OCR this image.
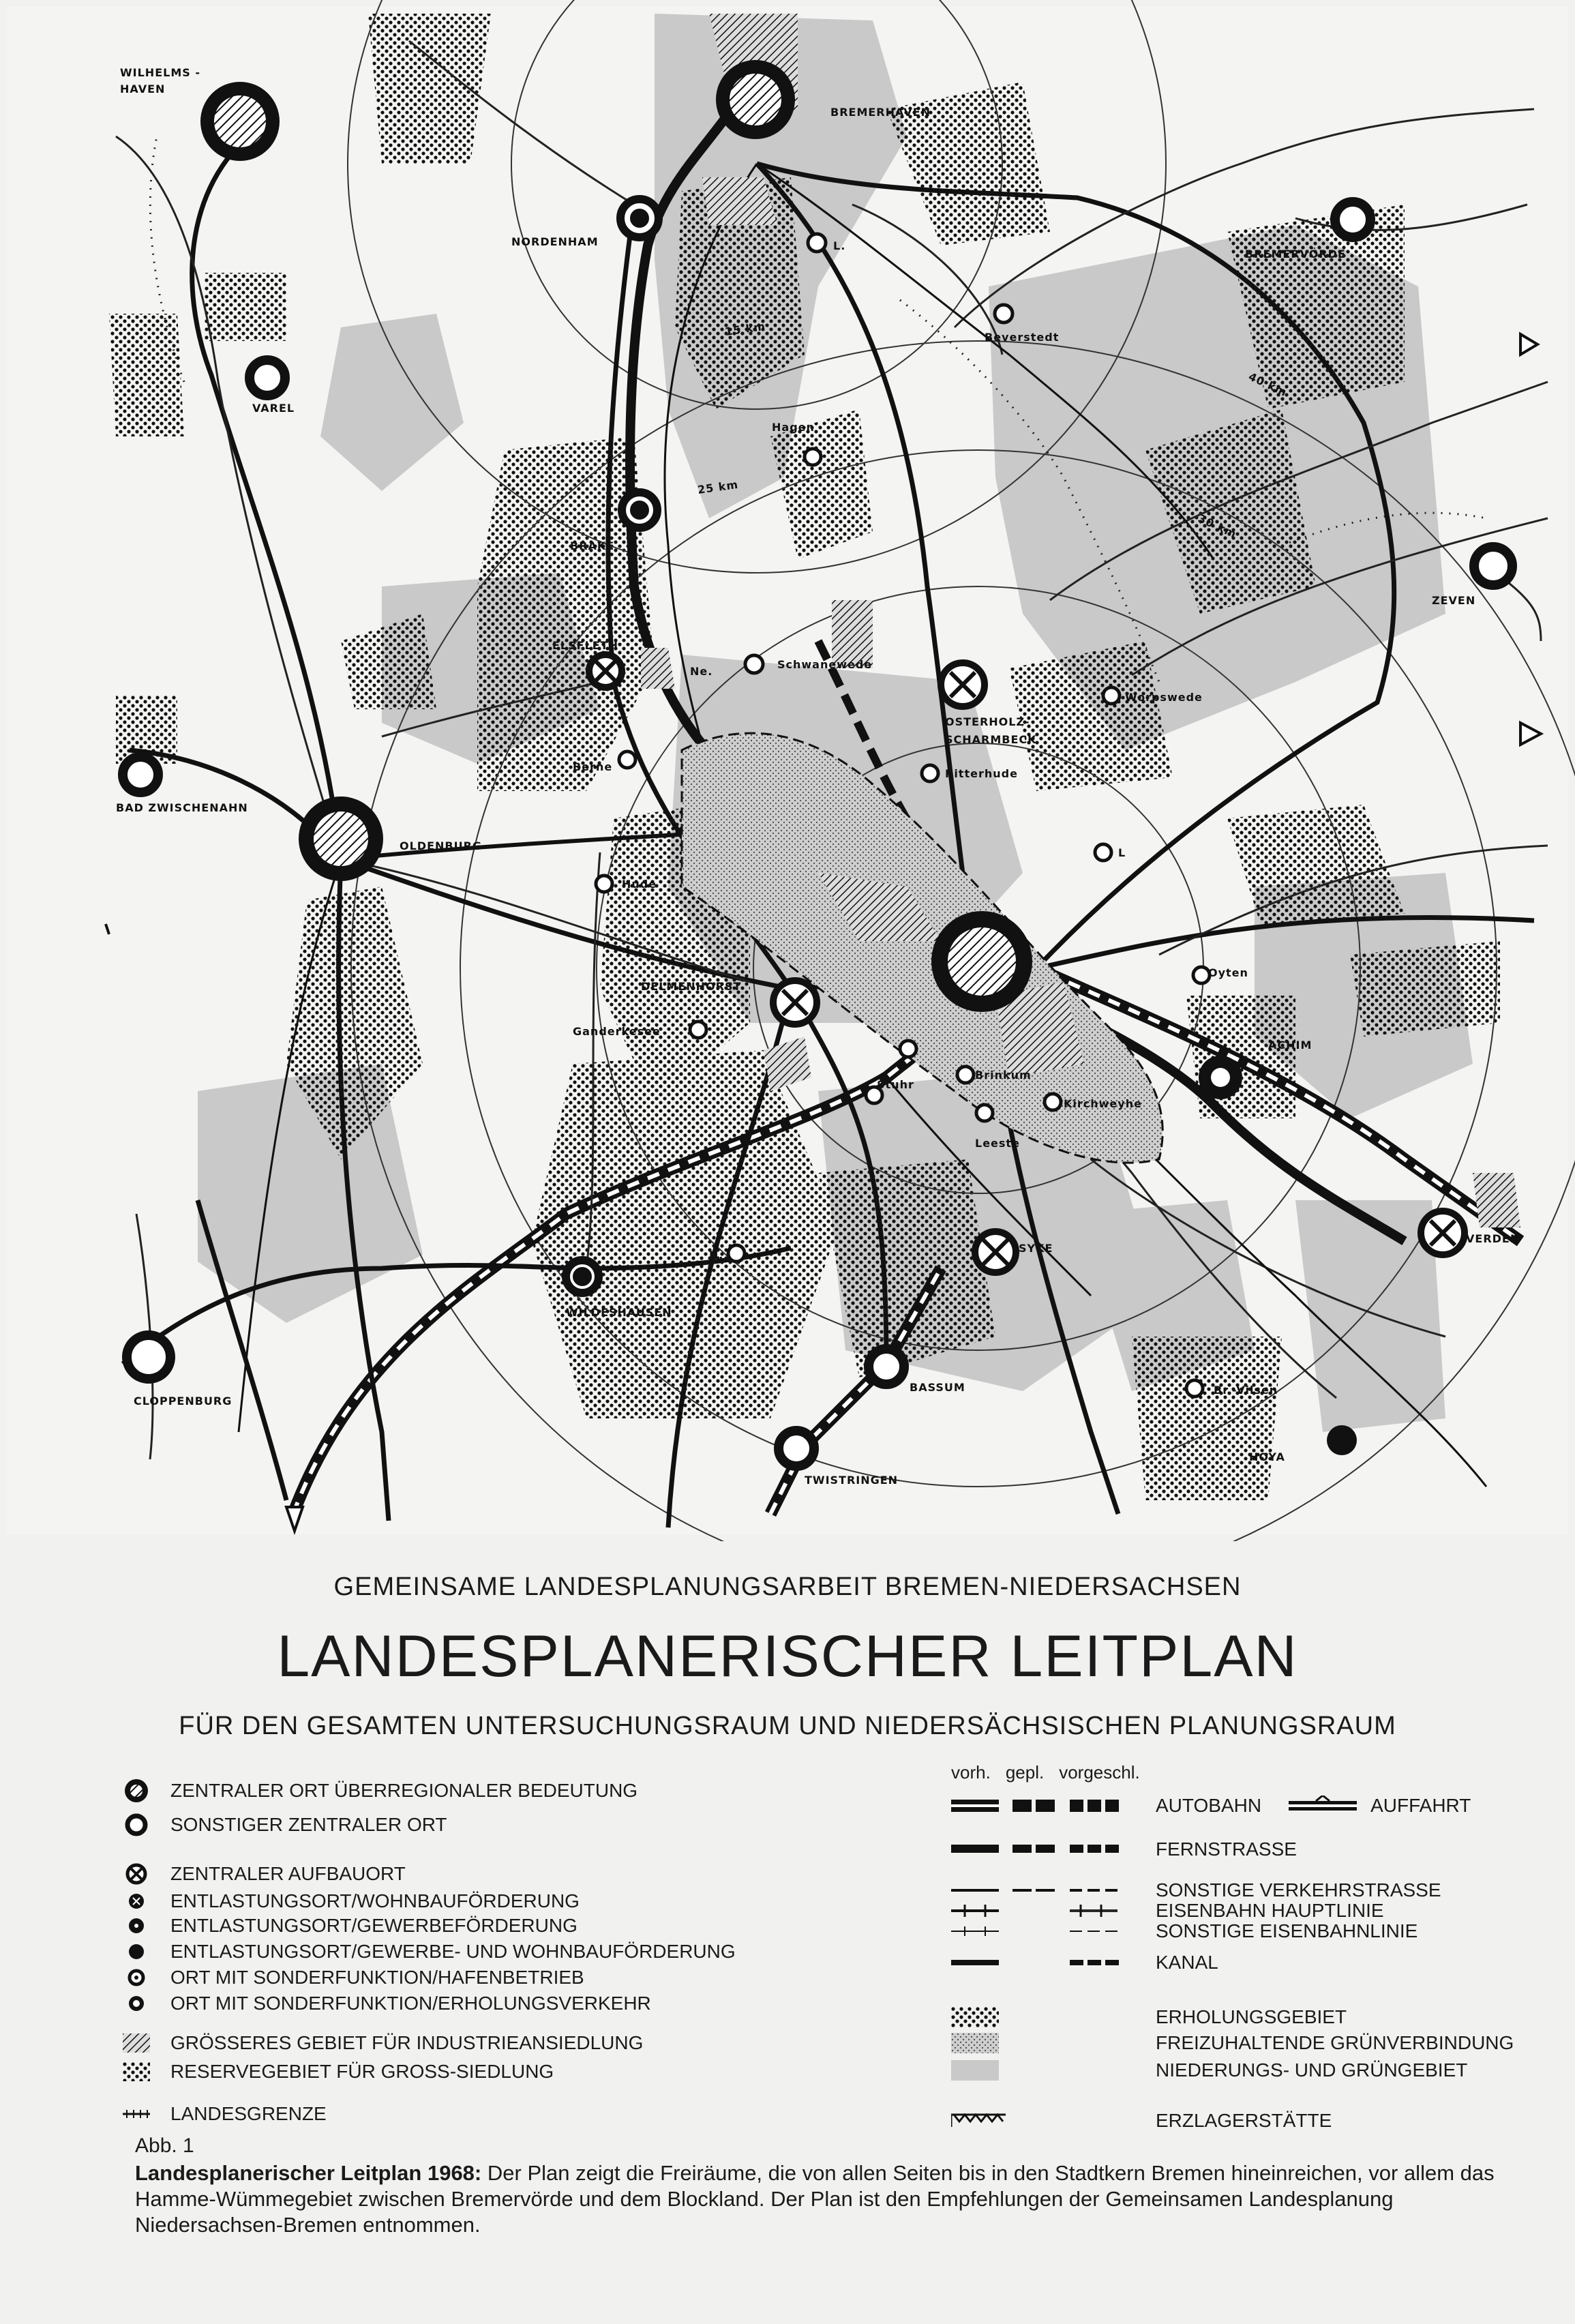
15 km
25 km
40 km
30 km
WILHELMS -
HAVEN
BREMERHAVEN
NORDENHAM	L.
BREMERVÖRDE
Beverstedt
VAREL
Hagen
BRAKE
ZEVEN
ELSFLETH
Ne.
Schwanewede
Worpswede
OSTERHOLZ-
SCHARMBECK
Ritterhude
Berne
BAD ZWISCHENAHN
OLDENBURG
L
Hude
Oyten
DELMENHORST
Ganderkesee
ACHIM
Stuhr
Brinkum
Kirchweyhe
Leeste
VERDEN
H.
SYKE
WILDESHAUSEN
CLOPPENBURG
BASSUM	Br.-Vilsen
HOYA
TWISTRINGEN
GEMEINSAME LANDESPLANUNGSARBEIT BREMEN-NIEDERSACHSEN
LANDESPLANERISCHER LEITPLAN
FÜR DEN GESAMTEN UNTERSUCHUNGSRAUM UND NIEDERSÄCHSISCHEN PLANUNGSRAUM
ZENTRALER ORT ÜBERREGIONALER BEDEUTUNG
SONSTIGER ZENTRALER ORT
ZENTRALER AUFBAUORT
ENTLASTUNGSORT/WOHNBAUFÖRDERUNG
ENTLASTUNGSORT/GEWERBEFÖRDERUNG
ENTLASTUNGSORT/GEWERBE- UND WOHNBAUFÖRDERUNG
ORT MIT SONDERFUNKTION/HAFENBETRIEB
ORT MIT SONDERFUNKTION/ERHOLUNGSVERKEHR
GRÖSSERES GEBIET FÜR INDUSTRIEANSIEDLUNG
RESERVEGEBIET FÜR GROSS-SIEDLUNG
LANDESGRENZE
vorh. gepl. vorgeschl.
AUTOBAHN	AUFFAHRT
FERNSTRASSE
SONSTIGE VERKEHRSTRASSE
EISENBAHN HAUPTLINIE
SONSTIGE EISENBAHNLINIE
KANAL
ERHOLUNGSGEBIET
FREIZUHALTENDE GRÜNVERBINDUNG
NIEDERUNGS- UND GRÜNGEBIET
ERZLAGERSTÄTTE
Abb. 1
Landesplanerischer Leitplan 1968: Der Plan zeigt die Freiräume, die von allen Seiten bis in den Stadtkern Bremen hineinreichen, vor allem das Hamme-Wümmegebiet zwischen Bremervörde und dem Blockland. Der Plan ist den Empfehlungen der Gemeinsamen Landesplanung Niedersachsen-Bremen entnommen.
